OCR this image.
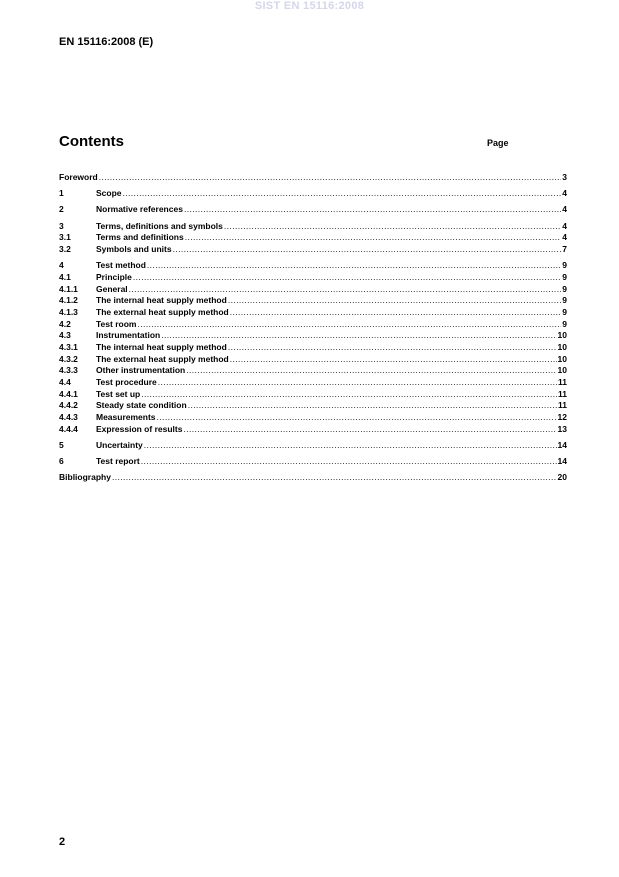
SIST EN 15116:2008
EN 15116:2008 (E)
Contents	Page
Foreword .....	3
1	Scope .....	4
2	Normative references .....	4
3	Terms, definitions and symbols .....	4
3.1	Terms and definitions .....	4
3.2	Symbols and units .....	7
4	Test method .....	9
4.1	Principle .....	9
4.1.1	General .....	9
4.1.2	The internal heat supply method .....	9
4.1.3	The external heat supply method .....	9
4.2	Test room .....	9
4.3	Instrumentation .....	10
4.3.1	The internal heat supply method .....	10
4.3.2	The external heat supply method .....	10
4.3.3	Other instrumentation .....	10
4.4	Test procedure .....	11
4.4.1	Test set up .....	11
4.4.2	Steady state condition .....	11
4.4.3	Measurements .....	12
4.4.4	Expression of results .....	13
5	Uncertainty .....	14
6	Test report .....	14
Bibliography .....	20
2
